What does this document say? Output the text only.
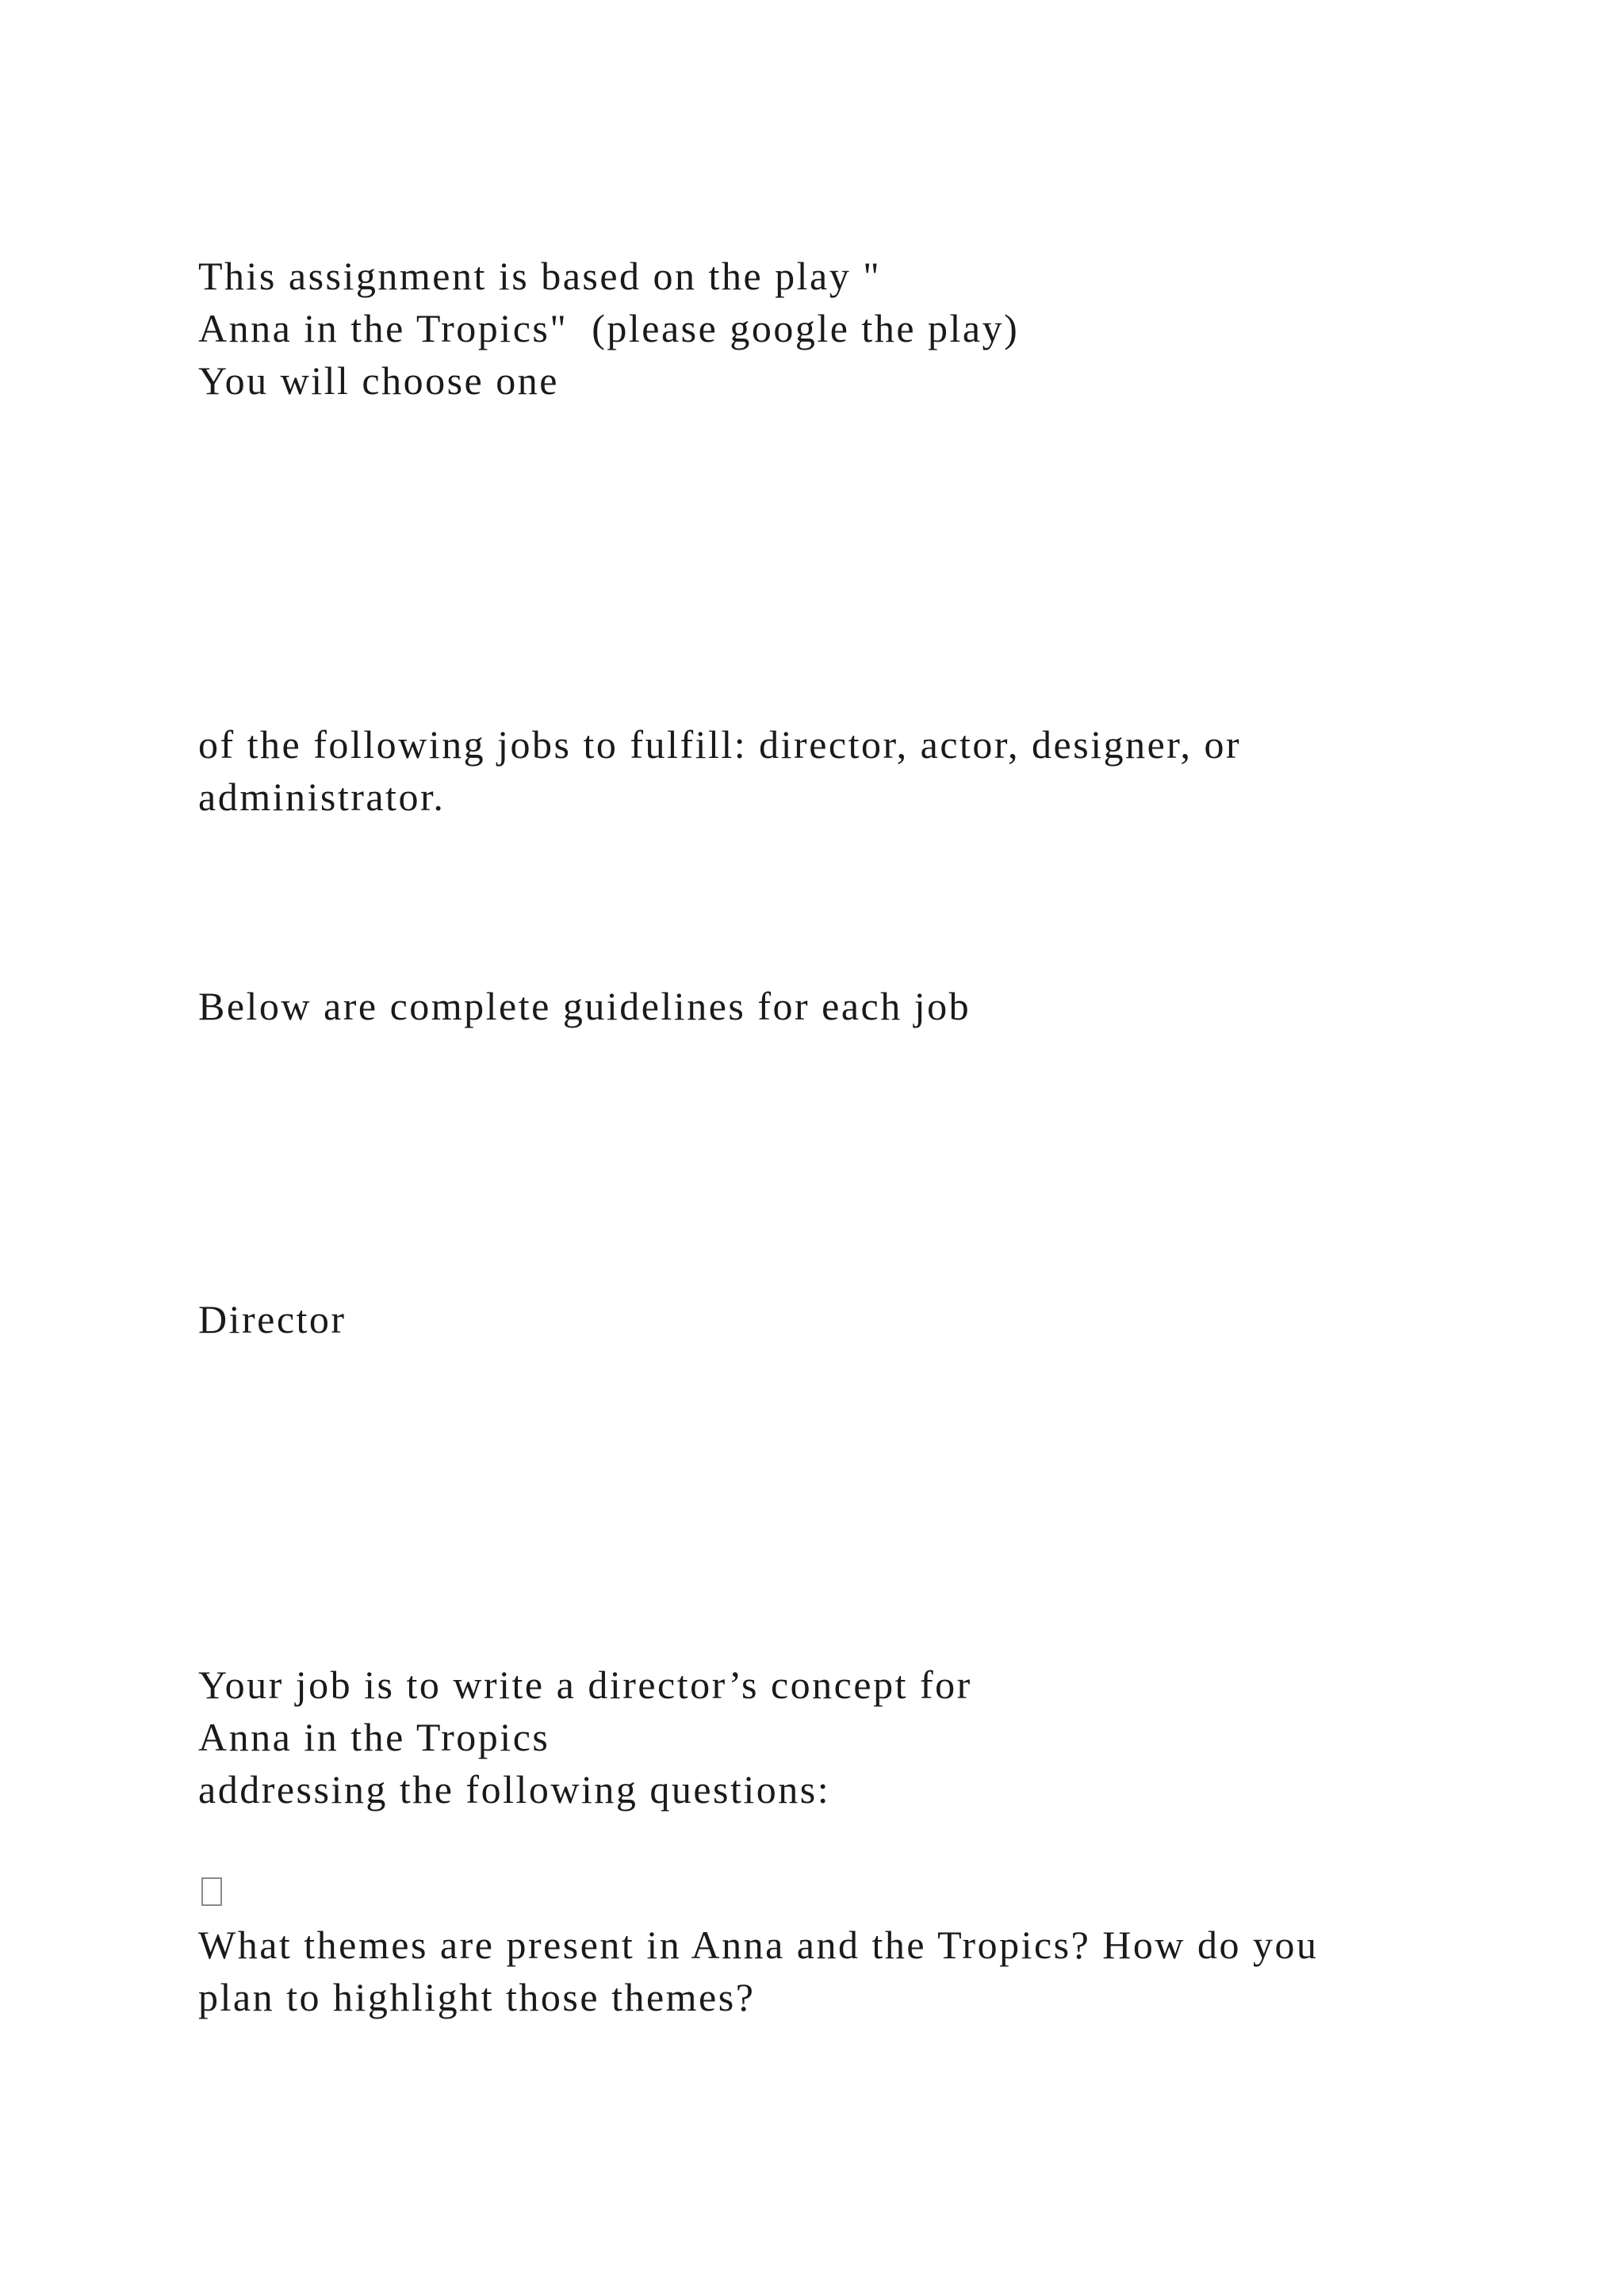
This assignment is based on the play "

Anna in the Tropics"  (please google the play)

You will choose one

of the following jobs to fulfill: director, actor, designer, or

administrator.

Below are complete guidelines for each job

Director

Your job is to write a director’s concept for

Anna in the Tropics

addressing the following questions:

What themes are present in Anna and the Tropics? How do you

plan to highlight those themes?
